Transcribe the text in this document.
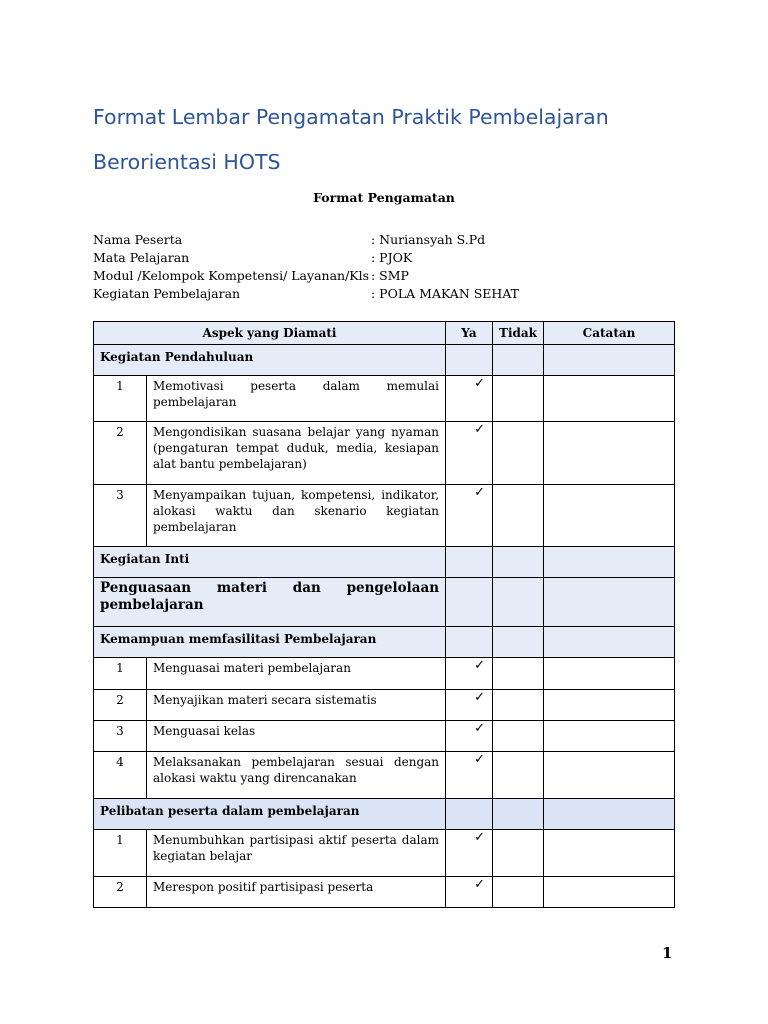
Format Lembar Pengamatan Praktik Pembelajaran
Berorientasi HOTS
Format Pengamatan
Nama Peserta	: Nuriansyah S.Pd
Mata Pelajaran	: PJOK
Modul /Kelompok Kompetensi/ Layanan/Kls : SMP
Kegiatan Pembelajaran	: POLA MAKAN SEHAT
Aspek yang Diamati		Ya	Tidak	Catatan
Kegiatan Pendahuluan				
1	Memotivasi peserta dalam memulai pembelajaran	✓		
2	Mengondisikan suasana belajar yang nyaman (pengaturan tempat duduk, media, kesiapan alat bantu pembelajaran)	✓		
3	Menyampaikan tujuan, kompetensi, indikator, alokasi waktu dan skenario kegiatan pembelajaran	✓		
Kegiatan Inti				
Penguasaan materi dan pengelolaan pembelajaran				
Kemampuan memfasilitasi Pembelajaran				
1	Menguasai materi pembelajaran	✓		
2	Menyajikan materi secara sistematis	✓		
3	Menguasai kelas	✓		
4	Melaksanakan pembelajaran sesuai dengan alokasi waktu yang direncanakan	✓		
Pelibatan peserta dalam pembelajaran				
1	Menumbuhkan partisipasi aktif peserta dalam kegiatan belajar	✓		
2	Merespon positif partisipasi peserta	✓		
1
